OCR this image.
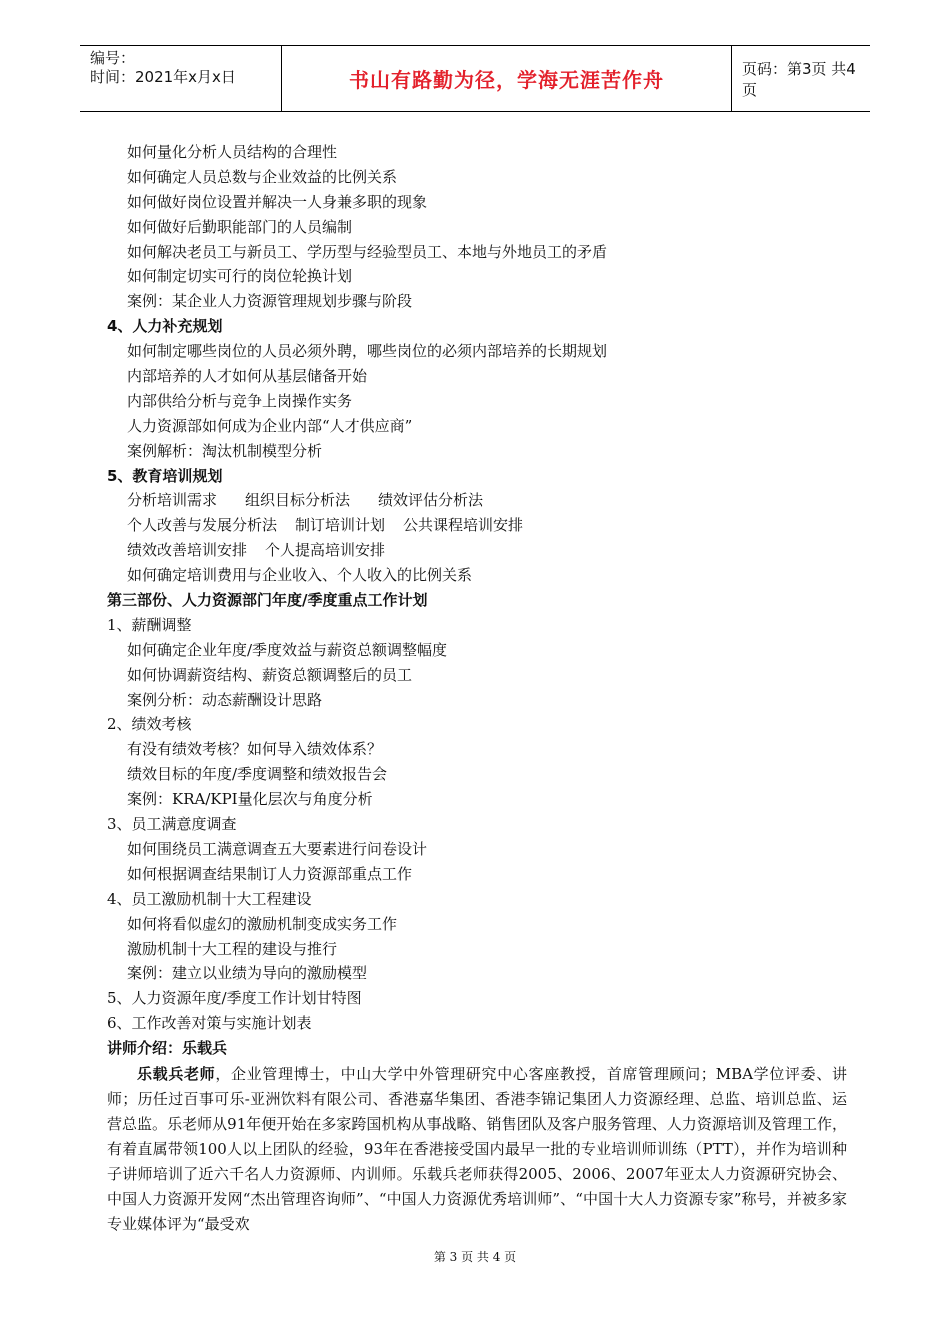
编号：
时间：2021年x月x日	书山有路勤为径，学海无涯苦作舟	页码：第3页 共4页
如何量化分析人员结构的合理性
如何确定人员总数与企业效益的比例关系
如何做好岗位设置并解决一人身兼多职的现象
如何做好后勤职能部门的人员编制
如何解决老员工与新员工、学历型与经验型员工、本地与外地员工的矛盾
如何制定切实可行的岗位轮换计划
案例：某企业人力资源管理规划步骤与阶段
4、人力补充规划
如何制定哪些岗位的人员必须外聘，哪些岗位的必须内部培养的长期规划
内部培养的人才如何从基层储备开始
内部供给分析与竞争上岗操作实务
人力资源部如何成为企业内部“人才供应商”
案例解析：淘汰机制模型分析
5、教育培训规划
分析培训需求 组织目标分析法 绩效评估分析法
个人改善与发展分析法 制订培训计划 公共课程培训安排
绩效改善培训安排 个人提高培训安排
如何确定培训费用与企业收入、个人收入的比例关系
第三部份、人力资源部门年度/季度重点工作计划
1、薪酬调整
如何确定企业年度/季度效益与薪资总额调整幅度
如何协调薪资结构、薪资总额调整后的员工
案例分析：动态薪酬设计思路
2、绩效考核
有没有绩效考核？如何导入绩效体系？
绩效目标的年度/季度调整和绩效报告会
案例：KRA/KPI量化层次与角度分析
3、员工满意度调查
如何围绕员工满意调查五大要素进行问卷设计
如何根据调查结果制订人力资源部重点工作
4、员工激励机制十大工程建设
如何将看似虚幻的激励机制变成实务工作
激励机制十大工程的建设与推行
案例：建立以业绩为导向的激励模型
5、人力资源年度/季度工作计划甘特图
6、工作改善对策与实施计划表
讲师介绍：乐载兵
乐载兵老师，企业管理博士，中山大学中外管理研究中心客座教授，首席管理顾问；MBA学位评委、讲师；历任过百事可乐-亚洲饮料有限公司、香港嘉华集团、香港李锦记集团人力资源经理、总监、培训总监、运营总监。乐老师从91年便开始在多家跨国机构从事战略、销售团队及客户服务管理、人力资源培训及管理工作，有着直属带领100人以上团队的经验，93年在香港接受国内最早一批的专业培训师训练（PTT），并作为培训种子讲师培训了近六千名人力资源师、内训师。乐载兵老师获得2005、2006、2007年亚太人力资源研究协会、中国人力资源开发网“杰出管理咨询师”、“中国人力资源优秀培训师”、“中国十大人力资源专家”称号，并被多家专业媒体评为“最受欢
第 3 页 共 4 页
